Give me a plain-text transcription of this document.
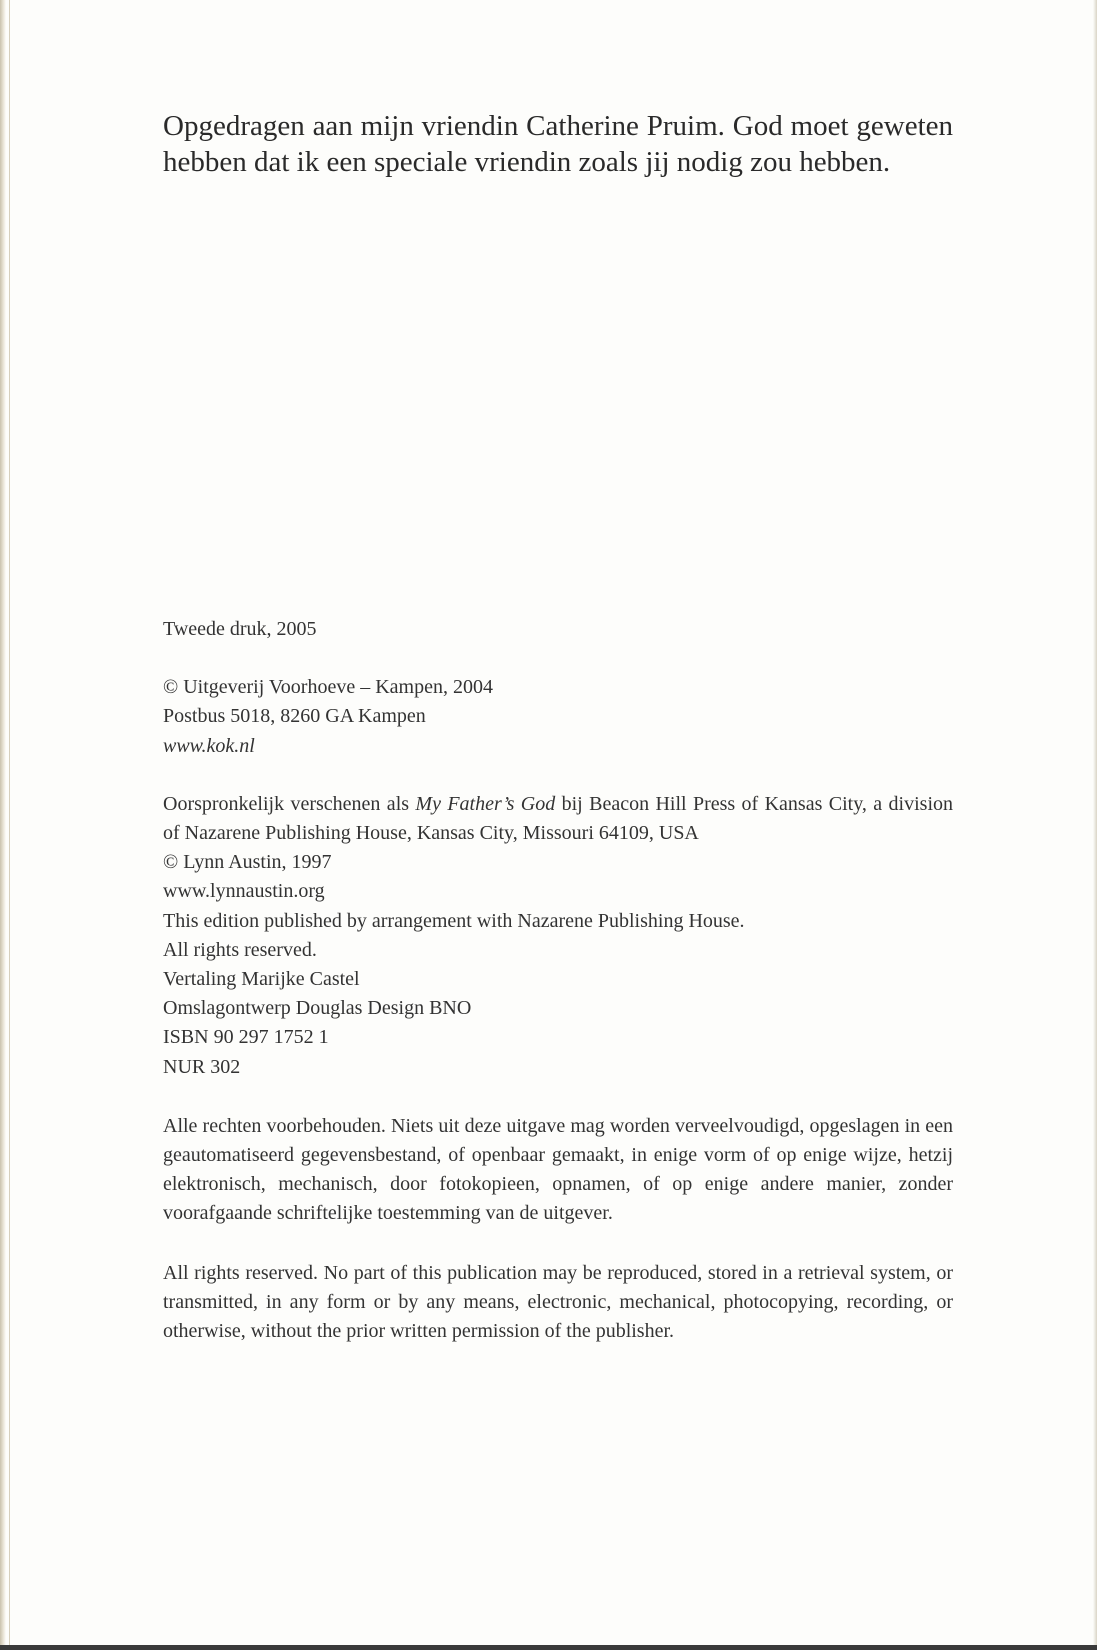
Opgedragen aan mijn vriendin Catherine Pruim. God moet geweten hebben dat ik een speciale vriendin zoals jij nodig zou hebben.

Tweede druk, 2005
© Uitgeverij Voorhoeve – Kampen, 2004
Postbus 5018, 8260 GA Kampen
www.kok.nl

Oorspronkelijk verschenen als My Father’s God bij Beacon Hill Press of Kansas City, a division of Nazarene Publishing House, Kansas City, Missouri 64109, USA

© Lynn Austin, 1997
www.lynnaustin.org
This edition published by arrangement with Nazarene Publishing House.
All rights reserved.
Vertaling Marijke Castel
Omslagontwerp Douglas Design BNO
ISBN 90 297 1752 1
NUR 302

Alle rechten voorbehouden. Niets uit deze uitgave mag worden verveelvoudigd, opgeslagen in een geautomatiseerd gegevensbestand, of openbaar gemaakt, in enige vorm of op enige wijze, hetzij elektronisch, mechanisch, door fotokopieen, opnamen, of op enige andere manier, zonder voorafgaande schriftelijke toestemming van de uitgever.

All rights reserved. No part of this publication may be reproduced, stored in a retrieval system, or transmitted, in any form or by any means, electronic, mechanical, photocopying, recording, or otherwise, without the prior written permission of the publisher.
